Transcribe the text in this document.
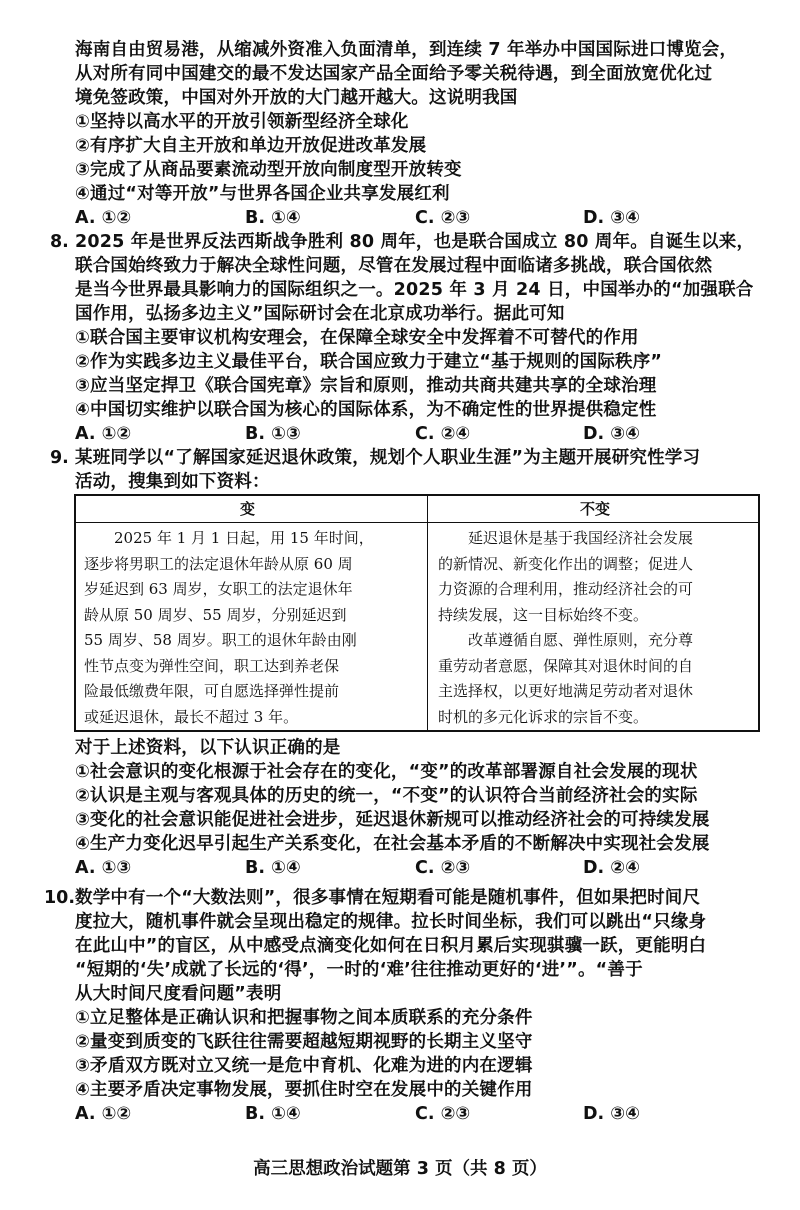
海南自由贸易港，从缩减外资准入负面清单，到连续 7 年举办中国国际进口博览会，
从对所有同中国建交的最不发达国家产品全面给予零关税待遇，到全面放宽优化过
境免签政策，中国对外开放的大门越开越大。这说明我国
①坚持以高水平的开放引领新型经济全球化
②有序扩大自主开放和单边开放促进改革发展
③完成了从商品要素流动型开放向制度型开放转变
④通过“对等开放”与世界各国企业共享发展红利
A. ①②	B. ①④	C. ②③	D. ③④
8. 2025 年是世界反法西斯战争胜利 80 周年，也是联合国成立 80 周年。自诞生以来，
联合国始终致力于解决全球性问题，尽管在发展过程中面临诸多挑战，联合国依然
是当今世界最具影响力的国际组织之一。2025 年 3 月 24 日，中国举办的“加强联合
国作用，弘扬多边主义”国际研讨会在北京成功举行。据此可知
①联合国主要审议机构安理会，在保障全球安全中发挥着不可替代的作用
②作为实践多边主义最佳平台，联合国应致力于建立“基于规则的国际秩序”
③应当坚定捍卫《联合国宪章》宗旨和原则，推动共商共建共享的全球治理
④中国切实维护以联合国为核心的国际体系，为不确定性的世界提供稳定性
A. ①②	B. ①③	C. ②④	D. ③④
9. 某班同学以“了解国家延迟退休政策，规划个人职业生涯”为主题开展研究性学习
活动，搜集到如下资料：
变	不变
　　2025 年 1 月 1 日起，用 15 年时间，
逐步将男职工的法定退休年龄从原 60 周
岁延迟到 63 周岁，女职工的法定退休年
龄从原 50 周岁、55 周岁，分别延迟到
55 周岁、58 周岁。职工的退休年龄由刚
性节点变为弹性空间，职工达到养老保
险最低缴费年限，可自愿选择弹性提前
或延迟退休，最长不超过 3 年。
　　延迟退休是基于我国经济社会发展
的新情况、新变化作出的调整；促进人
力资源的合理利用，推动经济社会的可
持续发展，这一目标始终不变。
　　改革遵循自愿、弹性原则，充分尊
重劳动者意愿，保障其对退休时间的自
主选择权，以更好地满足劳动者对退休
时机的多元化诉求的宗旨不变。
对于上述资料，以下认识正确的是
①社会意识的变化根源于社会存在的变化，“变”的改革部署源自社会发展的现状
②认识是主观与客观具体的历史的统一，“不变”的认识符合当前经济社会的实际
③变化的社会意识能促进社会进步，延迟退休新规可以推动经济社会的可持续发展
④生产力变化迟早引起生产关系变化，在社会基本矛盾的不断解决中实现社会发展
A. ①③	B. ①④	C. ②③	D. ②④
10. 数学中有一个“大数法则”，很多事情在短期看可能是随机事件，但如果把时间尺
度拉大，随机事件就会呈现出稳定的规律。拉长时间坐标，我们可以跳出“只缘身
在此山中”的盲区，从中感受点滴变化如何在日积月累后实现骐骥一跃，更能明白
“短期的‘失’成就了长远的‘得’，一时的‘难’往往推动更好的‘进’”。“善于
从大时间尺度看问题”表明
①立足整体是正确认识和把握事物之间本质联系的充分条件
②量变到质变的飞跃往往需要超越短期视野的长期主义坚守
③矛盾双方既对立又统一是危中育机、化难为进的内在逻辑
④主要矛盾决定事物发展，要抓住时空在发展中的关键作用
A. ①②	B. ①④	C. ②③	D. ③④
高三思想政治试题第 3 页（共 8 页）
